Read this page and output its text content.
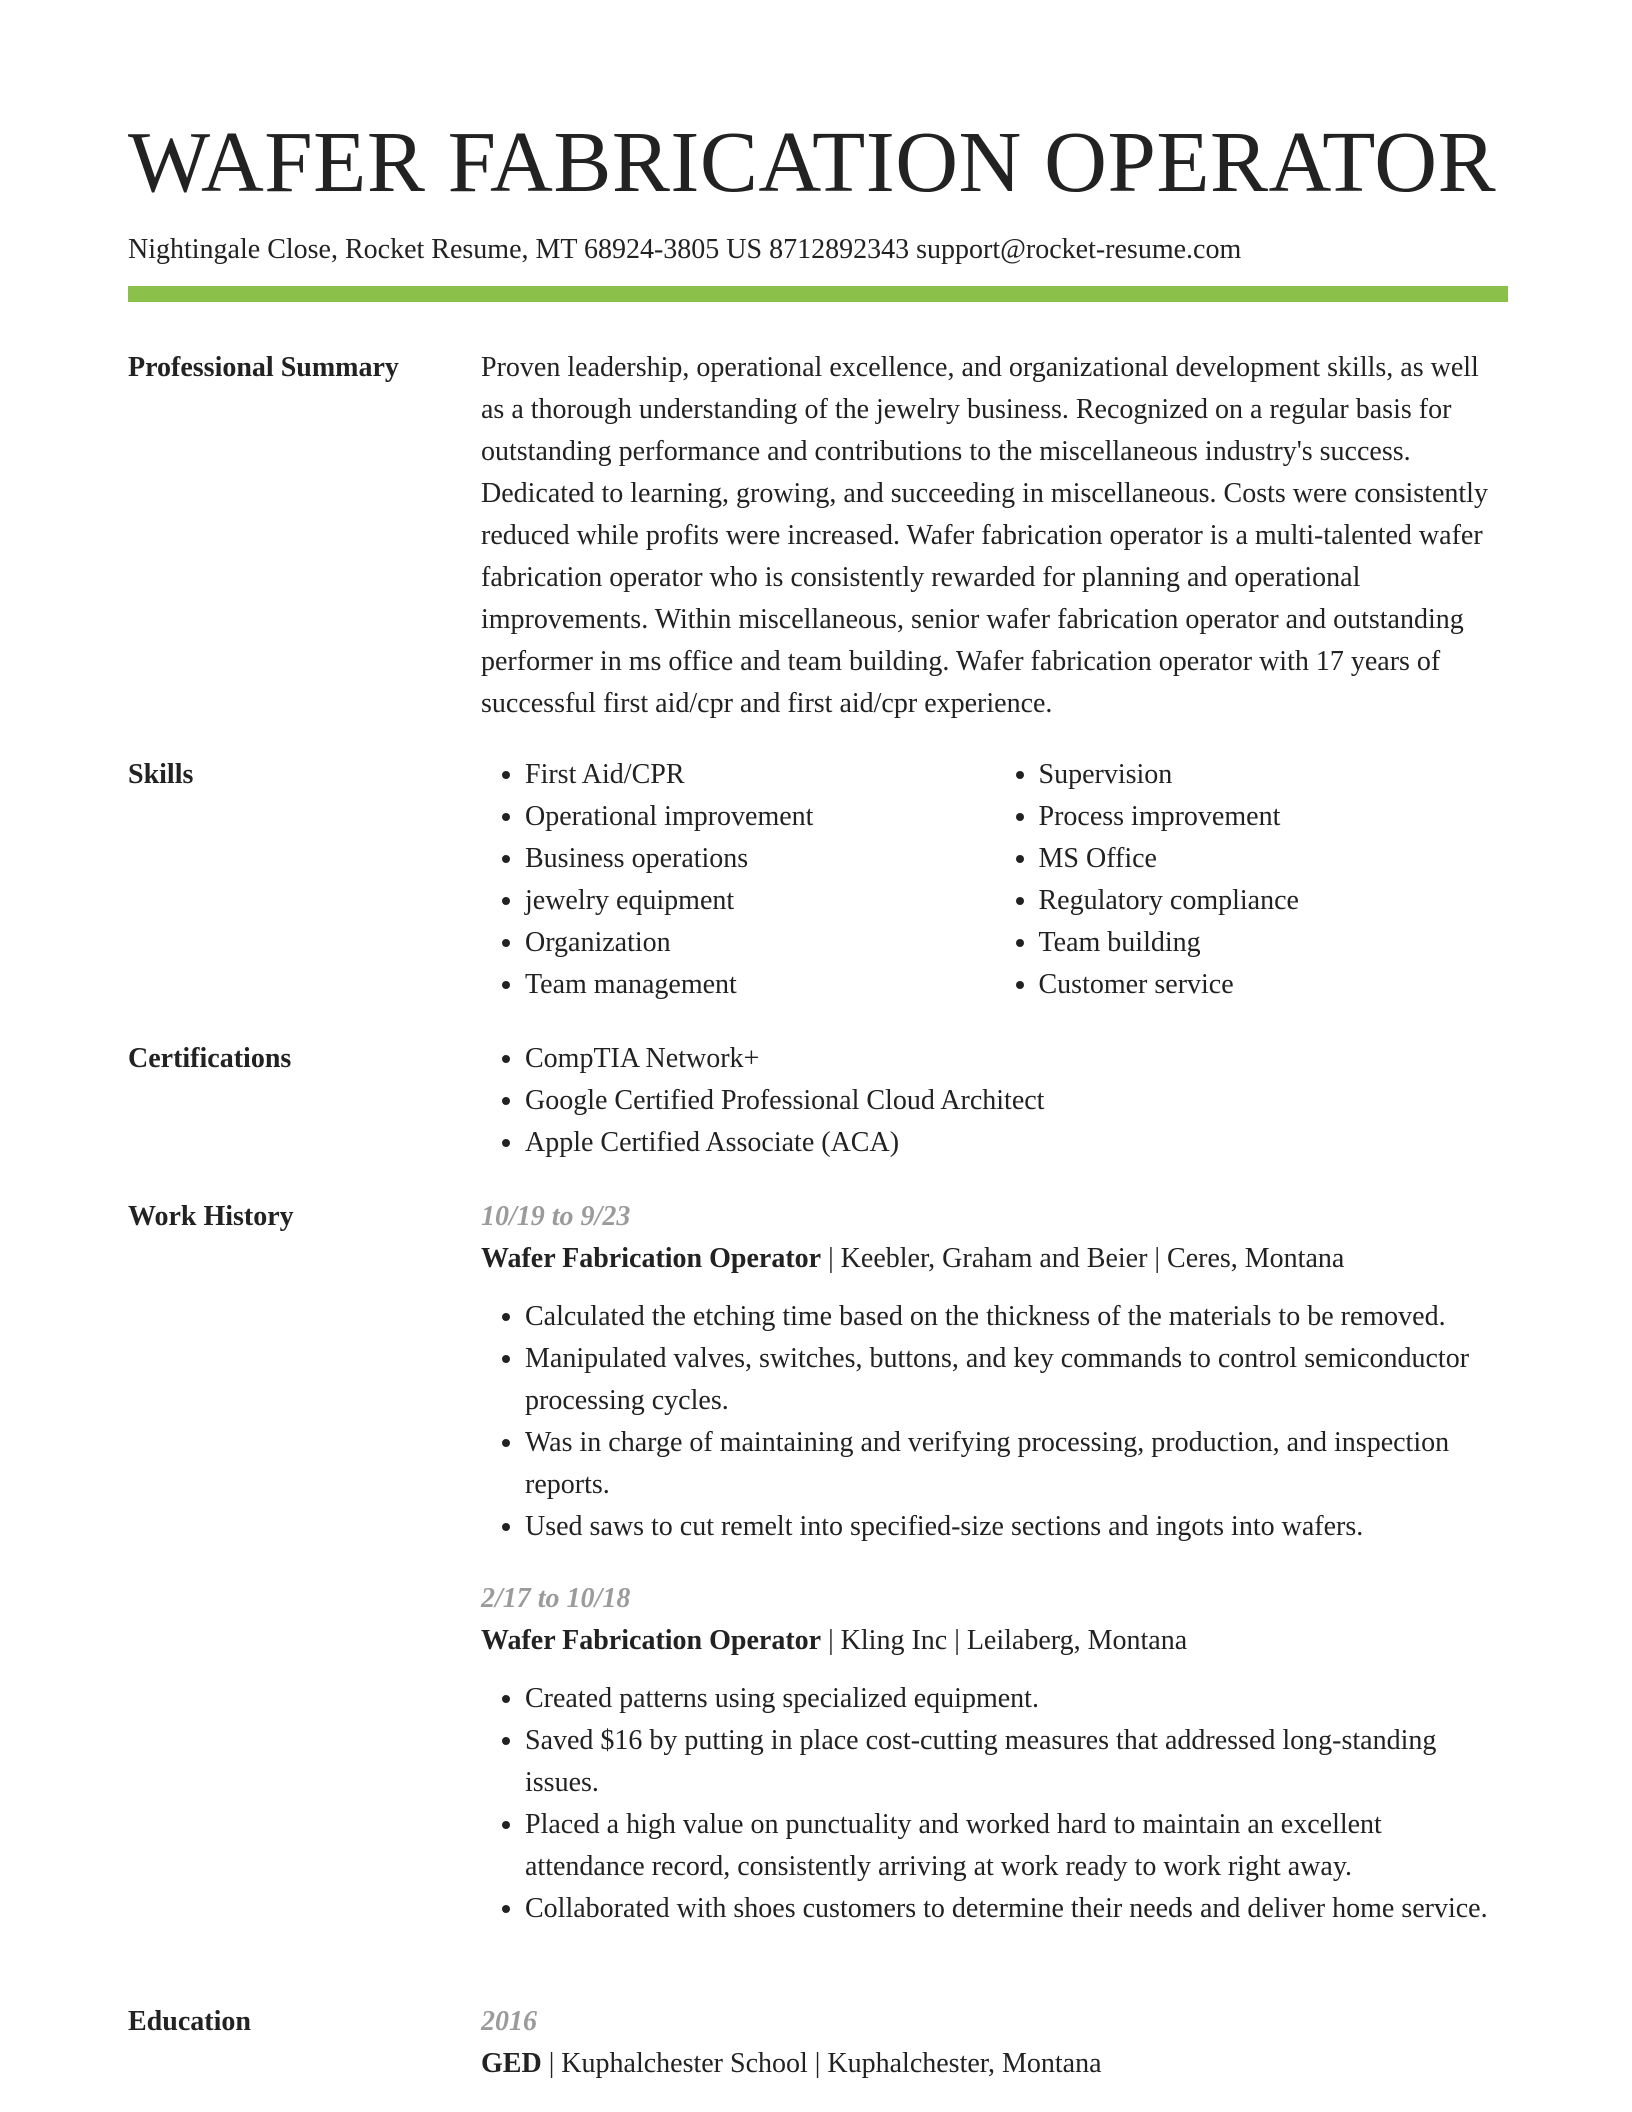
WAFER FABRICATION OPERATOR
Nightingale Close, Rocket Resume, MT 68924-3805 US 8712892343 support@rocket-resume.com
Professional Summary	Proven leadership, operational excellence, and organizational development skills, as well as a thorough understanding of the jewelry business. Recognized on a regular basis for outstanding performance and contributions to the miscellaneous industry's success. Dedicated to learning, growing, and succeeding in miscellaneous. Costs were consistently reduced while profits were increased. Wafer fabrication operator is a multi-talented wafer fabrication operator who is consistently rewarded for planning and operational improvements. Within miscellaneous, senior wafer fabrication operator and outstanding performer in ms office and team building. Wafer fabrication operator with 17 years of successful first aid/cpr and first aid/cpr experience.

Skills	• First Aid/CPR
• Operational improvement
• Business operations
• jewelry equipment
• Organization
• Team management
• Supervision
• Process improvement
• MS Office
• Regulatory compliance
• Team building
• Customer service
Certifications	• CompTIA Network+
• Google Certified Professional Cloud Architect
• Apple Certified Associate (ACA)
Work History	10/19 to 9/23
Wafer Fabrication Operator | Keebler, Graham and Beier | Ceres, Montana
• Calculated the etching time based on the thickness of the materials to be removed.
• Manipulated valves, switches, buttons, and key commands to control semiconductor processing cycles.
• Was in charge of maintaining and verifying processing, production, and inspection reports.
• Used saws to cut remelt into specified-size sections and ingots into wafers.
2/17 to 10/18
Wafer Fabrication Operator | Kling Inc | Leilaberg, Montana
• Created patterns using specialized equipment.
• Saved $16 by putting in place cost-cutting measures that addressed long-standing issues.
• Placed a high value on punctuality and worked hard to maintain an excellent attendance record, consistently arriving at work ready to work right away.
• Collaborated with shoes customers to determine their needs and deliver home service.
Education	2016
GED | Kuphalchester School | Kuphalchester, Montana
